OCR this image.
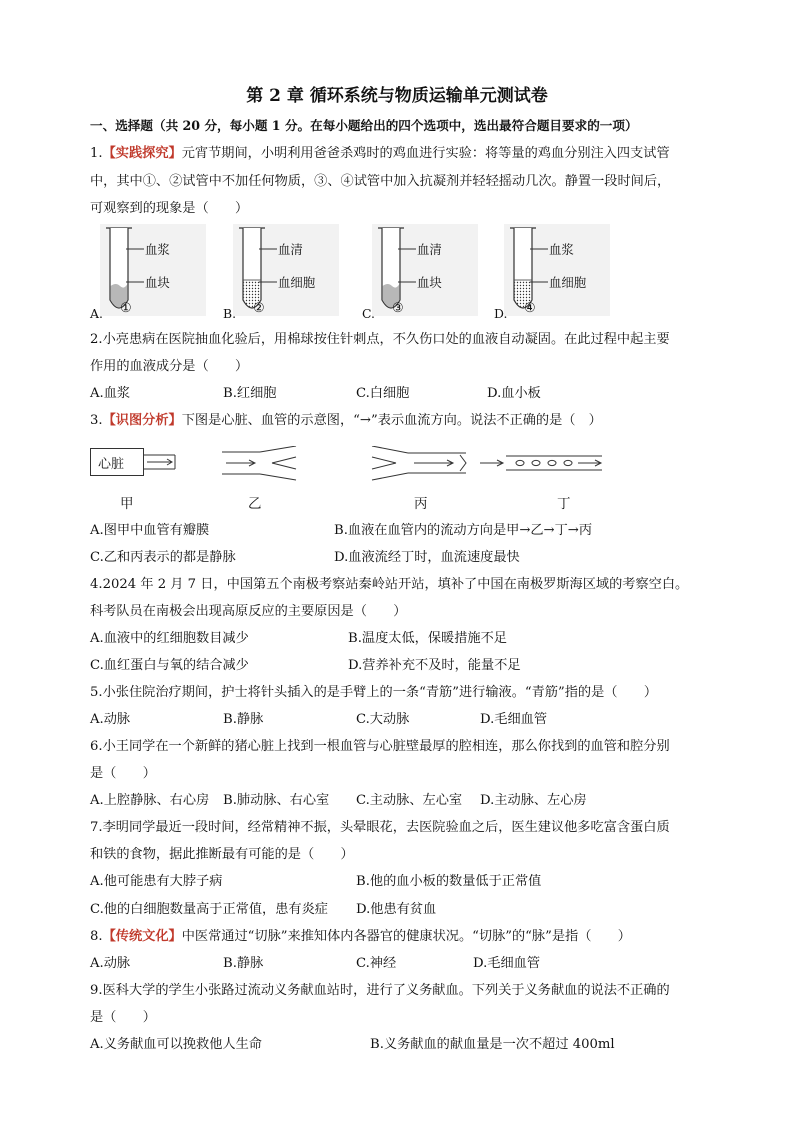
第 2 章 循环系统与物质运输单元测试卷
一、选择题（共 20 分，每小题 1 分。在每小题给出的四个选项中，选出最符合题目要求的一项）
1.【实践探究】元宵节期间，小明利用爸爸杀鸡时的鸡血进行实验：将等量的鸡血分别注入四支试管
中，其中①、②试管中不加任何物质，③、④试管中加入抗凝剂并轻轻摇动几次。静置一段时间后，
可观察到的现象是（　　）
血浆
血块
A. ①
血清
血细胞
B. ②
血清
血块
C. ③
血浆
血细胞
D. ④
2.小亮患病在医院抽血化验后，用棉球按住针刺点，不久伤口处的血液自动凝固。在此过程中起主要
作用的血液成分是（　　）
A.血浆	B.红细胞	C.白细胞	D.血小板
3.【识图分析】下图是心脏、血管的示意图，“→”表示血流方向。说法不正确的是（　）
心脏
甲	乙	丙	丁
A.图甲中血管有瓣膜	B.血液在血管内的流动方向是甲→乙→丁→丙
C.乙和丙表示的都是静脉	D.血液流经丁时，血流速度最快
4.2024 年 2 月 7 日，中国第五个南极考察站秦岭站开站，填补了中国在南极罗斯海区域的考察空白。
科考队员在南极会出现高原反应的主要原因是（　　）
A.血液中的红细胞数目减少	B.温度太低，保暖措施不足
C.血红蛋白与氧的结合减少	D.营养补充不及时，能量不足
5.小张住院治疗期间，护士将针头插入的是手臂上的一条“青筋”进行输液。“青筋”指的是（　　）
A.动脉	B.静脉	C.大动脉	D.毛细血管
6.小王同学在一个新鲜的猪心脏上找到一根血管与心脏壁最厚的腔相连，那么你找到的血管和腔分别
是（　　）
A.上腔静脉、右心房 B.肺动脉、右心室 C.主动脉、左心室 D.主动脉、左心房
7.李明同学最近一段时间，经常精神不振，头晕眼花，去医院验血之后，医生建议他多吃富含蛋白质
和铁的食物，据此推断最有可能的是（　　）
A.他可能患有大脖子病	B.他的血小板的数量低于正常值
C.他的白细胞数量高于正常值，患有炎症 D.他患有贫血
8.【传统文化】中医常通过“切脉”来推知体内各器官的健康状况。“切脉”的“脉”是指（　　）
A.动脉	B.静脉	C.神经	D.毛细血管
9.医科大学的学生小张路过流动义务献血站时，进行了义务献血。下列关于义务献血的说法不正确的
是（　　）
A.义务献血可以挽救他人生命	B.义务献血的献血量是一次不超过 400ml
